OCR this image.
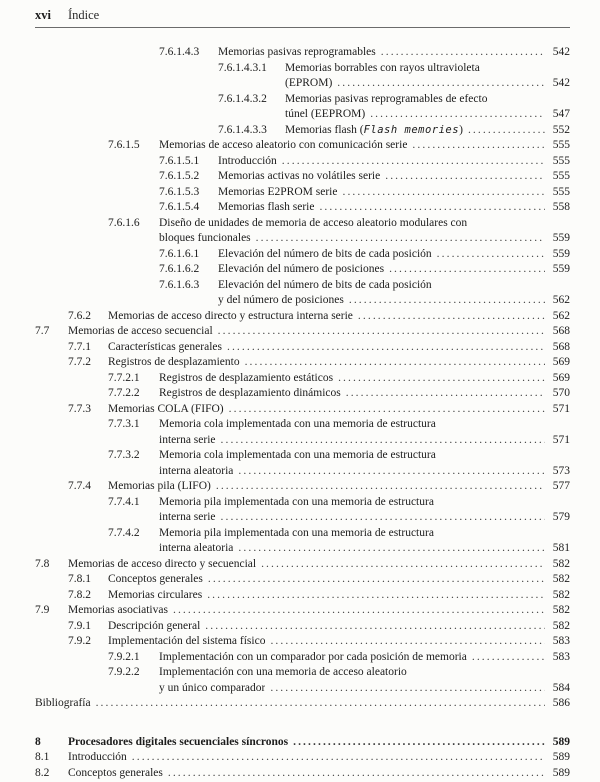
xvi	Índice
7.6.1.4.3	Memorias pasivas reprogramables .....	542
7.6.1.4.3.1	Memorias borrables con rayos ultravioleta
(EPROM) .....	542
7.6.1.4.3.2	Memorias pasivas reprogramables de efecto
túnel (EEPROM) .....	547
7.6.1.4.3.3	Memorias flash (Flash memories) .....	552
7.6.1.5	Memorias de acceso aleatorio con comunicación serie .....	555
7.6.1.5.1	Introducción .....	555
7.6.1.5.2	Memorias activas no volátiles serie .....	555
7.6.1.5.3	Memorias E2PROM serie .....	555
7.6.1.5.4	Memorias flash serie .....	558
7.6.1.6	Diseño de unidades de memoria de acceso aleatorio modulares con
bloques funcionales .....	559
7.6.1.6.1	Elevación del número de bits de cada posición .....	559
7.6.1.6.2	Elevación del número de posiciones .....	559
7.6.1.6.3	Elevación del número de bits de cada posición
y del número de posiciones .....	562
7.6.2	Memorias de acceso directo y estructura interna serie .....	562
7.7	Memorias de acceso secuencial .....	568
7.7.1	Características generales .....	568
7.7.2	Registros de desplazamiento .....	569
7.7.2.1	Registros de desplazamiento estáticos .....	569
7.7.2.2	Registros de desplazamiento dinámicos .....	570
7.7.3	Memorias COLA (FIFO) .....	571
7.7.3.1	Memoria cola implementada con una memoria de estructura
interna serie .....	571
7.7.3.2	Memoria cola implementada con una memoria de estructura
interna aleatoria .....	573
7.7.4	Memorias pila (LIFO) .....	577
7.7.4.1	Memoria pila implementada con una memoria de estructura
interna serie .....	579
7.7.4.2	Memoria pila implementada con una memoria de estructura
interna aleatoria .....	581
7.8	Memorias de acceso directo y secuencial .....	582
7.8.1	Conceptos generales .....	582
7.8.2	Memorias circulares .....	582
7.9	Memorias asociativas .....	582
7.9.1	Descripción general .....	582
7.9.2	Implementación del sistema físico .....	583
7.9.2.1	Implementación con un comparador por cada posición de memoria .....	583
7.9.2.2	Implementación con una memoria de acceso aleatorio
y un único comparador .....	584
Bibliografía .....	586
8	Procesadores digitales secuenciales síncronos .....	589
8.1	Introducción .....	589
8.2	Conceptos generales .....	589
